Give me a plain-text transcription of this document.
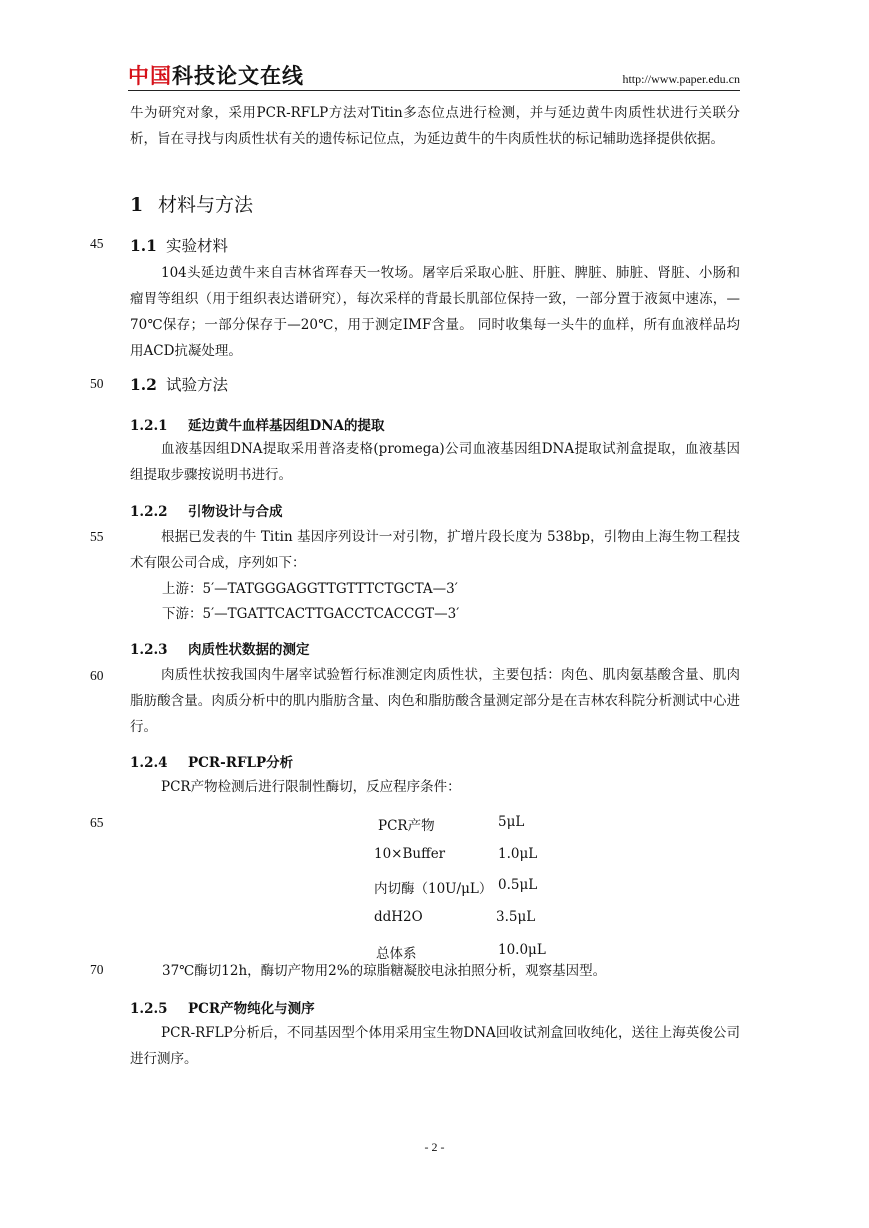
中国科技论文在线	http://www.paper.edu.cn
牛为研究对象，采用PCR-RFLP方法对Titin多态位点进行检测，并与延边黄牛肉质性状进行关联分析，旨在寻找与肉质性状有关的遗传标记位点，为延边黄牛的牛肉质性状的标记辅助选择提供依据。
1 材料与方法
45 1.1 实验材料
104头延边黄牛来自吉林省珲春天一牧场。屠宰后采取心脏、肝脏、脾脏、肺脏、肾脏、小肠和瘤胃等组织（用于组织表达谱研究），每次采样的背最长肌部位保持一致，一部分置于液氮中速冻，—70℃保存；一部分保存于—20℃，用于测定IMF含量。 同时收集每一头牛的血样，所有血液样品均用ACD抗凝处理。
50 1.2 试验方法
1.2.1 延边黄牛血样基因组DNA的提取
血液基因组DNA提取采用普洛麦格(promega)公司血液基因组DNA提取试剂盒提取，血液基因组提取步骤按说明书进行。
1.2.2 引物设计与合成
55	根据已发表的牛 Titin 基因序列设计一对引物，扩增片段长度为 538bp，引物由上海生物工程技术有限公司合成，序列如下：
上游：5′—TATGGGAGGTTGTTTCTGCTA—3′
下游：5′—TGATTCACTTGACCTCACCGT—3′
1.2.3 肉质性状数据的测定
60	肉质性状按我国肉牛屠宰试验暂行标准测定肉质性状，主要包括：肉色、肌肉氨基酸含量、肌肉脂肪酸含量。肉质分析中的肌内脂肪含量、肉色和脂肪酸含量测定部分是在吉林农科院分析测试中心进行。
1.2.4 PCR-RFLP分析
PCR产物检测后进行限制性酶切，反应程序条件：
65	PCR产物	5μL
10×Buffer	1.0μL
内切酶（10U/μL） 0.5μL
ddH2O	3.5μL
总体系	10.0μL
70	37℃酶切12h，酶切产物用2%的琼脂糖凝胶电泳拍照分析，观察基因型。
1.2.5 PCR产物纯化与测序
PCR-RFLP分析后，不同基因型个体用采用宝生物DNA回收试剂盒回收纯化，送往上海英俊公司进行测序。
- 2 -
